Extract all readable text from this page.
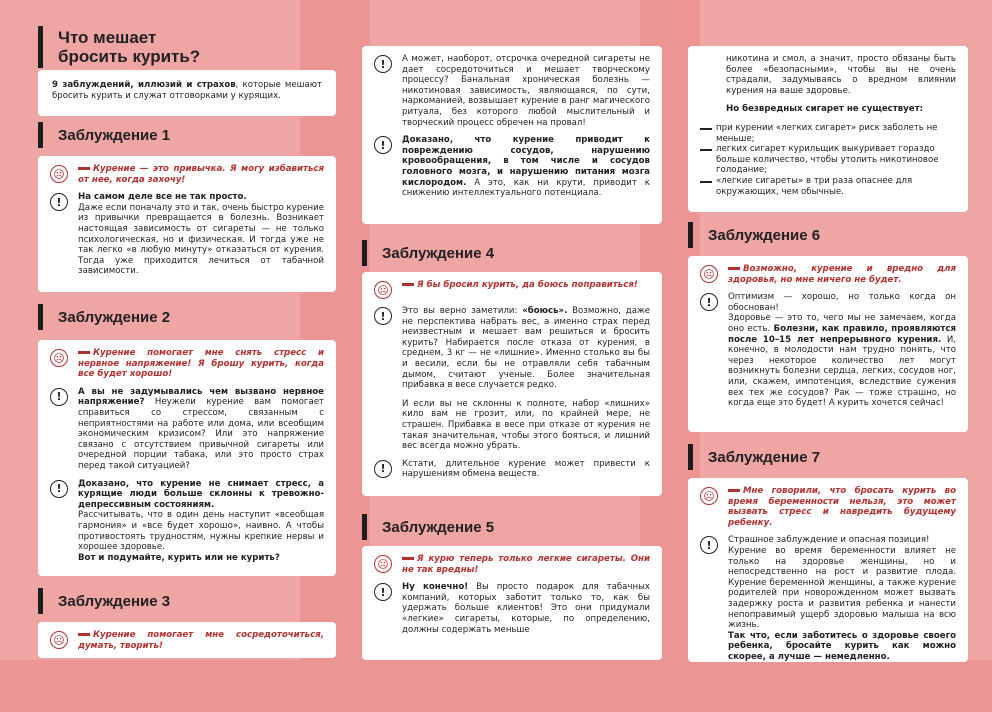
Что мешает
бросить курить?

9 заблуждений, иллюзий и страхов, которые мешают бросить курить и служат отговорками у курящих.

Заблуждение 1
☹	Курение — это привычка. Я могу избавиться от нее, когда захочу!
!	На самом деле все не так просто.
Даже если поначалу это и так, очень быстро курение из привычки превращается в болезнь. Возникает настоящая зависимость от сигареты — не только психологическая, но и физическая. И тогда уже не так легко «в любую минуту» отказаться от курения. Тогда уже приходится лечиться от табачной зависимости.
Заблуждение 2
☹	Курение помогает мне снять стресс и нервное напряжение! Я брошу курить, когда все будет хорошо!
!	А вы не задумывались чем вызвано нервное напряжение? Неужели курение вам помогает справиться со стрессом, связанным с неприятностями на работе или дома, или всеобщим экономическим кризисом? Или это напряжение связано с отсутствием привычной сигареты или очередной порции табака, или это просто страх перед такой ситуацией?
!	Доказано, что курение не снимает стресс, а курящие люди больше склонны к тревожно-депрессивным состояниям.
Рассчитывать, что в один день наступит «всеобщая гармония» и «все будет хорошо», наивно. А чтобы противостоять трудностям, нужны крепкие нервы и хорошее здоровье.
Вот и подумайте, курить или не курить?
Заблуждение 3
☹	Курение помогает мне сосредоточиться, думать, творить!
!	А может, наоборот, отсрочка очередной сигареты не дает сосредоточиться и мешает творческому процессу? Банальная хроническая болезнь — никотиновая зависимость, являющаяся, по сути, наркоманией, возвышает курение в ранг магического ритуала, без которого любой мыслительный и творческий процесс обречен на провал!
!	Доказано, что курение приводит к повреждению сосудов, нарушению кровообращения, в том числе и сосудов головного мозга, и нарушению питания мозга кислородом. А это, как ни крути, приводит к снижению интеллектуального потенциала.
Заблуждение 4
☹	Я бы бросил курить, да боюсь поправиться!
!	Это вы верно заметили: «боюсь». Возможно, даже не перспектива набрать вес, а именно страх перед неизвестным и мешает вам решиться и бросить курить? Набирается после отказа от курения, в среднем, 3 кг — не «лишние». Именно столько вы бы и весили, если бы не отравляли себя табачным дымом, считают ученые. Более значительная прибавка в весе случается редко.

И если вы не склонны к полноте, набор «лишних» кило вам не грозит, или, по крайней мере, не страшен. Прибавка в весе при отказе от курения не такая значительная, чтобы этого бояться, и лишний вес всегда можно убрать.

!	Кстати, длительное курение может привести к нарушениям обмена веществ.
Заблуждение 5
☹	Я курю теперь только легкие сигареты. Они не так вредны!
!	Ну конечно! Вы просто подарок для табачных компаний, которых заботит только то, как бы удержать больше клиентов! Это они придумали «легкие» сигареты, которые, по определению, должны содержать меньше

никотина и смол, а значит, просто обязаны быть более «безопасными», чтобы вы не очень страдали, задумываясь о вредном влиянии курения на ваше здоровье.

Но безвредных сигарет не существует:

при курении «легких сигарет» риск заболеть не меньше;
легких сигарет курильщик выкуривает гораздо больше количество, чтобы утолить никотиновое голодание;
«легкие сигареты» в три раза опаснее для окружающих, чем обычные.
Заблуждение 6
☹	Возможно, курение и вредно для здоровья, но мне ничего не будет.
!	Оптимизм — хорошо, но только когда он обоснован!
Здоровье — это то, чего мы не замечаем, когда оно есть. Болезни, как правило, проявляются после 10–15 лет непрерывного курения. И, конечно, в молодости нам трудно понять, что через некоторое количество лет могут возникнуть болезни сердца, легких, сосудов ног, или, скажем, импотенция, вследствие сужения вех тех же сосудов? Рак — тоже страшно, но когда еще это будет! А курить хочется сейчас!
Заблуждение 7
☹	Мне говорили, что бросать курить во время беременности нельзя, это может вызвать стресс и навредить будущему ребенку.
!	Страшное заблуждение и опасная позиция!
Курение во время беременности влияет не только на здоровье женщины, но и непосредственно на рост и развитие плода. Курение беременной женщины, а также курение родителей при новорожденном может вызвать задержку роста и развития ребенка и нанести непоправимый ущерб здоровью малыша на всю жизнь.
Так что, если заботитесь о здоровье своего ребенка, бросайте курить как можно скорее, а лучше — немедленно.
